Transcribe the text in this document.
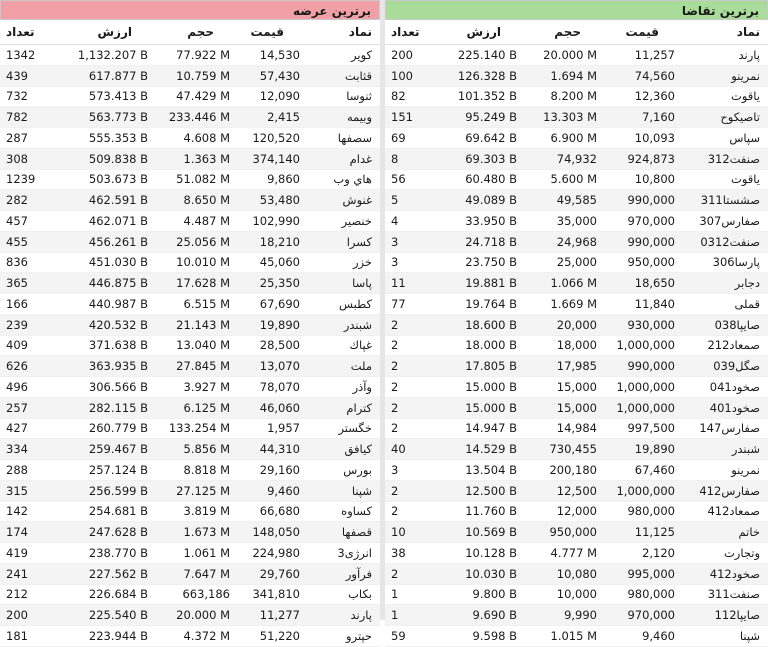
برترین عرضه
تعداد	ارزش	حجم	قیمت	نماد
1342	1,132.207 B	77.922 M	14,530	کویر
439	617.877 B	10.759 M	57,430	قثابت
732	573.413 B	47.429 M	12,090	ثنوسا
782	563.773 B	233.446 M	2,415	وبیمه
287	555.353 B	4.608 M	120,520	سصفها
308	509.838 B	1.363 M	374,140	غدام
1239	503.673 B	51.082 M	9,860	هاي وب
282	462.591 B	8.650 M	53,480	غنوش
457	462.071 B	4.487 M	102,990	خنصیر
455	456.261 B	25.056 M	18,210	کسرا
836	451.030 B	10.010 M	45,060	خزر
365	446.875 B	17.628 M	25,350	پاسا
166	440.987 B	6.515 M	67,690	کطبس
239	420.532 B	21.143 M	19,890	شبندر
409	371.638 B	13.040 M	28,500	غپاك
626	363.935 B	27.845 M	13,070	ملت
496	306.566 B	3.927 M	78,070	وآذر
257	282.115 B	6.125 M	46,060	کترام
427	260.779 B	133.254 M	1,957	خگستر
334	259.467 B	5.856 M	44,310	کیافق
288	257.124 B	8.818 M	29,160	بورس
315	256.599 B	27.125 M	9,460	شپنا
142	254.681 B	3.819 M	66,680	کساوه
174	247.628 B	1.673 M	148,050	قصفها
419	238.770 B	1.061 M	224,980	انرژی3
241	227.562 B	7.647 M	29,760	فرآور
212	226.684 B	663,186	341,810	بکاب
200	225.540 B	20.000 M	11,277	پارند
181	223.944 B	4.372 M	51,220	حپترو
برترین تقاضا
تعداد	ارزش	حجم	قیمت	نماد
200	225.140 B	20.000 M	11,257	پارند
100	126.328 B	1.694 M	74,560	نمرینو
82	101.352 B	8.200 M	12,360	یاقوت
151	95.249 B	13.303 M	7,160	تاصیکوح
69	69.642 B	6.900 M	10,093	سپاس
8	69.303 B	74,932	924,873	صنفت312
56	60.480 B	5.600 M	10,800	یاقوت
5	49.089 B	49,585	990,000	صشستا311
4	33.950 B	35,000	970,000	صفارس307
3	24.718 B	24,968	990,000	صنفت0312
3	23.750 B	25,000	950,000	پارسا306
11	19.881 B	1.066 M	18,650	دجابر
77	19.764 B	1.669 M	11,840	قملی
2	18.600 B	20,000	930,000	صایپا038
2	18.000 B	18,000	1,000,000	صمعاد212
2	17.805 B	17,985	990,000	صگل039
2	15.000 B	15,000	1,000,000	صخود041
2	15.000 B	15,000	1,000,000	صخود401
2	14.947 B	14,984	997,500	صفارس147
40	14.529 B	730,455	19,890	شبندر
3	13.504 B	200,180	67,460	نمرینو
2	12.500 B	12,500	1,000,000	صفارس412
2	11.760 B	12,000	980,000	صمعاد412
10	10.569 B	950,000	11,125	خاتم
38	10.128 B	4.777 M	2,120	وتجارت
2	10.030 B	10,080	995,000	صخود412
1	9.800 B	10,000	980,000	صنفت311
1	9.690 B	9,990	970,000	صایپا112
59	9.598 B	1.015 M	9,460	شپنا
